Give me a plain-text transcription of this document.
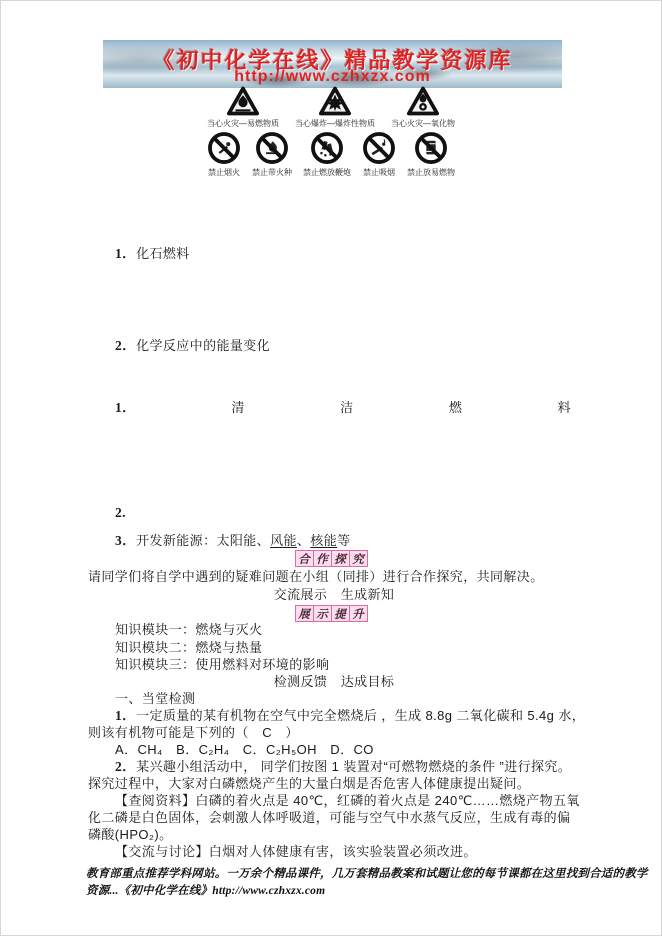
《初中化学在线》精品教学资源库
http://www.czhxzx.com
当心火灾—易燃物质 当心爆炸—爆炸性物质 当心火灾—氧化物
禁止烟火 禁止带火种 禁止燃放鞭炮 禁止吸烟 禁止放易燃物
1．化石燃料
2．化学反应中的能量变化
1．	清	洁	燃	料
2.
3．开发新能源：太阳能、风能、核能等
合 作 探 究
请同学们将自学中遇到的疑难问题在小组（同排）进行合作探究，共同解决。
交流展示　生成新知
展 示 提 升
知识模块一：燃烧与灭火
知识模块二：燃烧与热量
知识模块三：使用燃料对环境的影响
检测反馈　达成目标
一、当堂检测
1．一定质量的某有机物在空气中完全燃烧后 ，生成 8.8g 二氧化碳和 5.4g 水，
则该有机物可能是下列的（　C　）
A．CH₄　B．C₂H₄　C．C₂H₅OH　D．CO
2．某兴趣小组活动中， 同学们按图 1 装置对“可燃物燃烧的条件 ”进行探究。
探究过程中，大家对白磷燃烧产生的大量白烟是否危害人体健康提出疑问。
【查阅资料】白磷的着火点是 40℃，红磷的着火点是 240℃……燃烧产物五氧
化二磷是白色固体，会刺激人体呼吸道，可能与空气中水蒸气反应，生成有毒的偏
磷酸(HPO₂)。
【交流与讨论】白烟对人体健康有害，该实验装置必须改进。
教育部重点推荐学科网站。一万余个精品课件，几万套精品教案和试题让您的每节课都在这里找到合适的教学
资源...《初中化学在线》http://www.czhxzx.com
